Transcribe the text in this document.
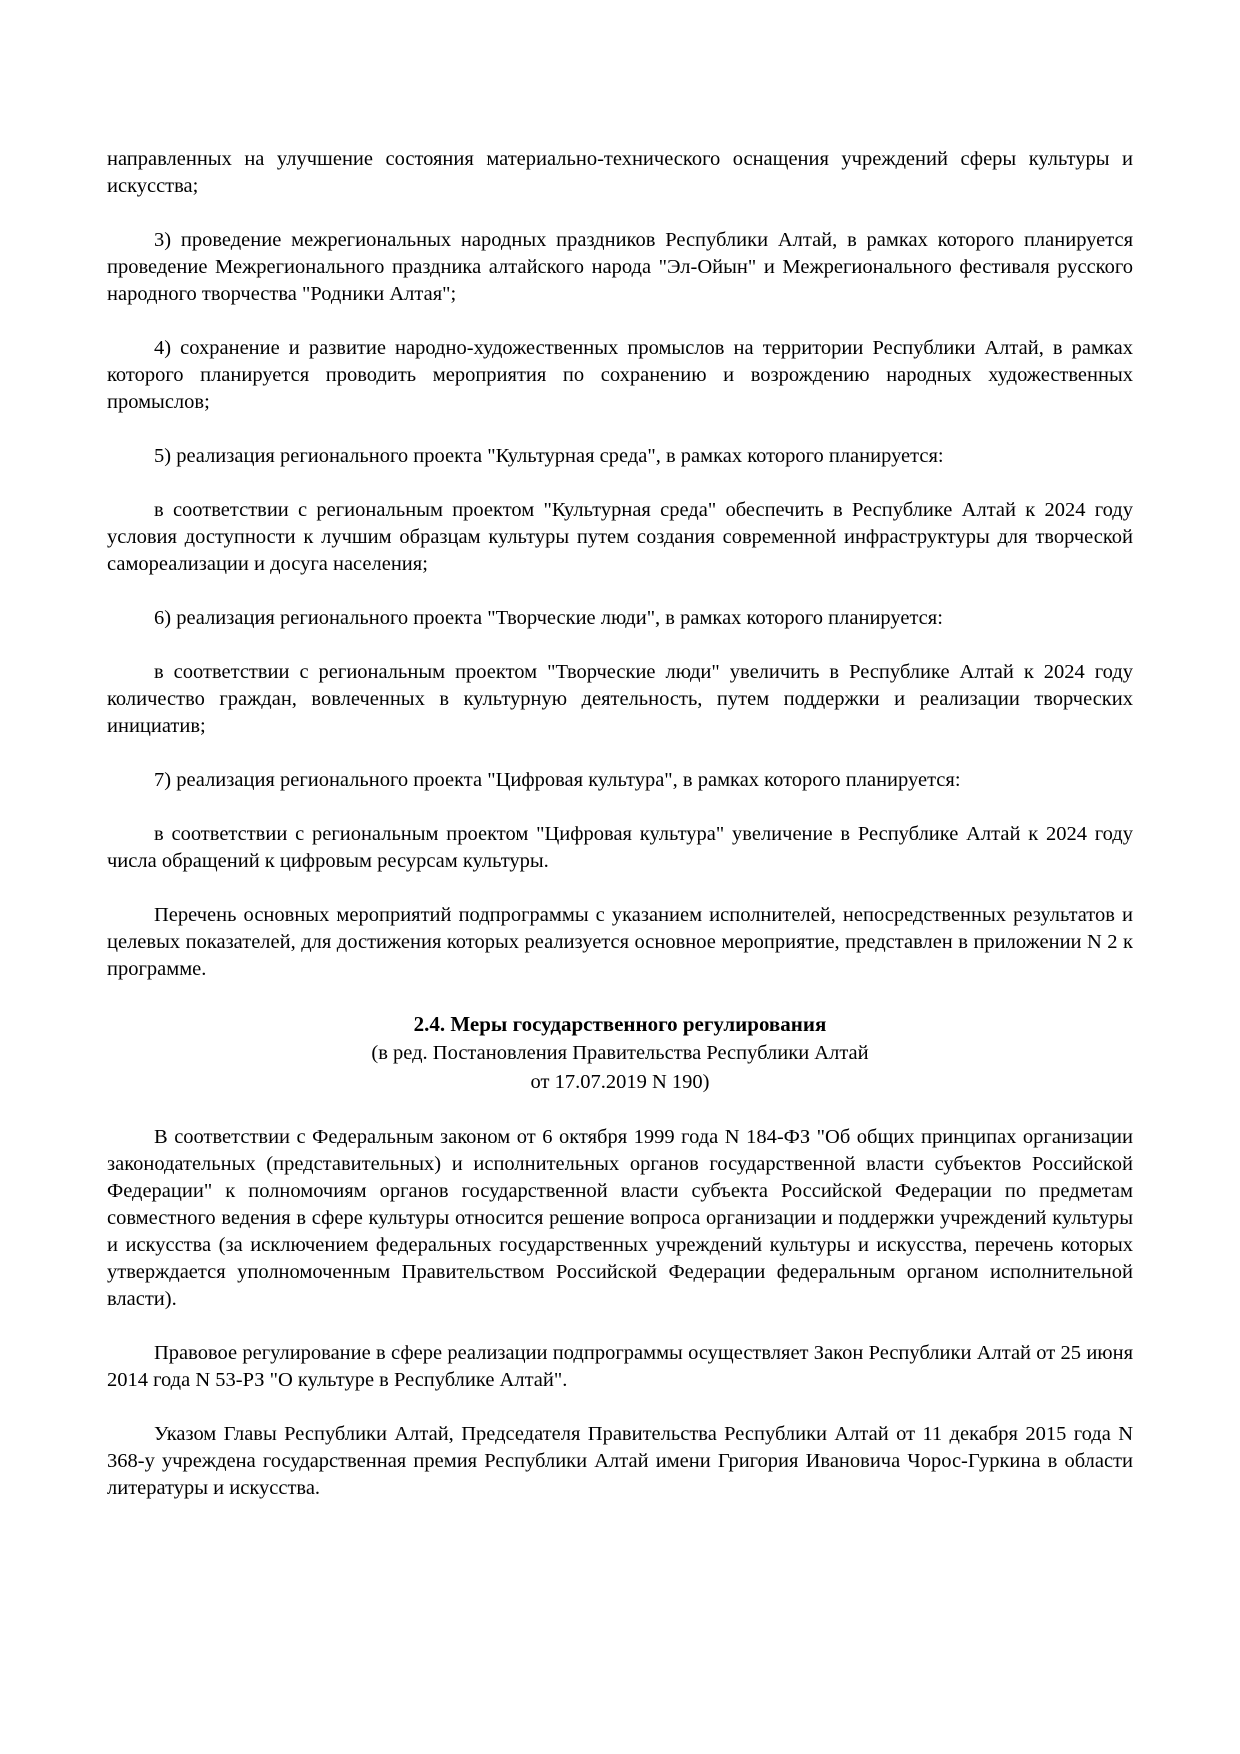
направленных на улучшение состояния материально-технического оснащения учреждений сферы культуры и искусства;

3) проведение межрегиональных народных праздников Республики Алтай, в рамках которого планируется проведение Межрегионального праздника алтайского народа "Эл-Ойын" и Межрегионального фестиваля русского народного творчества "Родники Алтая";

4) сохранение и развитие народно-художественных промыслов на территории Республики Алтай, в рамках которого планируется проводить мероприятия по сохранению и возрождению народных художественных промыслов;

5) реализация регионального проекта "Культурная среда", в рамках которого планируется:

в соответствии с региональным проектом "Культурная среда" обеспечить в Республике Алтай к 2024 году условия доступности к лучшим образцам культуры путем создания современной инфраструктуры для творческой самореализации и досуга населения;

6) реализация регионального проекта "Творческие люди", в рамках которого планируется:

в соответствии с региональным проектом "Творческие люди" увеличить в Республике Алтай к 2024 году количество граждан, вовлеченных в культурную деятельность, путем поддержки и реализации творческих инициатив;

7) реализация регионального проекта "Цифровая культура", в рамках которого планируется:

в соответствии с региональным проектом "Цифровая культура" увеличение в Республике Алтай к 2024 году числа обращений к цифровым ресурсам культуры.

Перечень основных мероприятий подпрограммы с указанием исполнителей, непосредственных результатов и целевых показателей, для достижения которых реализуется основное мероприятие, представлен в приложении N 2 к программе.

2.4. Меры государственного регулирования

(в ред. Постановления Правительства Республики Алтай

от 17.07.2019 N 190)

В соответствии с Федеральным законом от 6 октября 1999 года N 184-ФЗ "Об общих принципах организации законодательных (представительных) и исполнительных органов государственной власти субъектов Российской Федерации" к полномочиям органов государственной власти субъекта Российской Федерации по предметам совместного ведения в сфере культуры относится решение вопроса организации и поддержки учреждений культуры и искусства (за исключением федеральных государственных учреждений культуры и искусства, перечень которых утверждается уполномоченным Правительством Российской Федерации федеральным органом исполнительной власти).

Правовое регулирование в сфере реализации подпрограммы осуществляет Закон Республики Алтай от 25 июня 2014 года N 53-РЗ "О культуре в Республике Алтай".

Указом Главы Республики Алтай, Председателя Правительства Республики Алтай от 11 декабря 2015 года N 368-у учреждена государственная премия Республики Алтай имени Григория Ивановича Чорос-Гуркина в области литературы и искусства.
